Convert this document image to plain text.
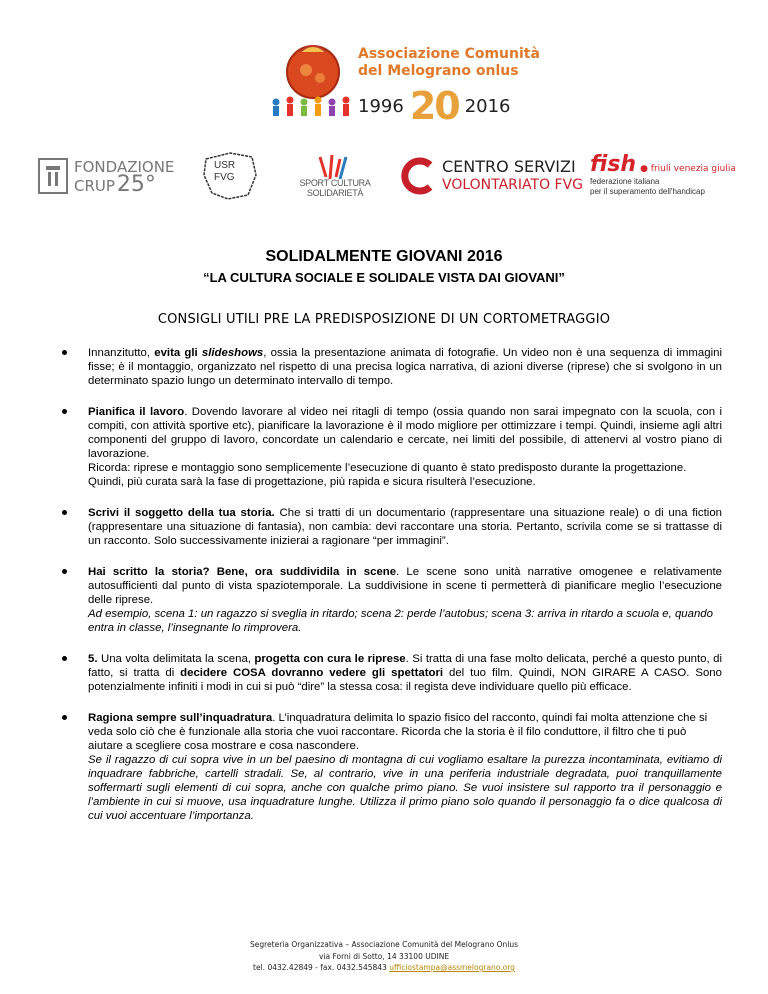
Associazione Comunità
del Melograno onlus
1996 20 2016
FONDAZIONE
CRUP 25°
USR
FVG	SPORT CULTURA SOLIDARIETÀ
CENTRO SERVIZI
VOLONTARIATO FVG
fish ● friuli venezia giulia
federazione italiana
per il superamento dell'handicap
SOLIDALMENTE GIOVANI 2016
“LA CULTURA SOCIALE E SOLIDALE VISTA DAI GIOVANI”
CONSIGLI UTILI PRE LA PREDISPOSIZIONE DI UN CORTOMETRAGGIO

Innanzitutto, evita gli slideshows, ossia la presentazione animata di fotografie. Un video non è una sequenza di immagini fisse; è il montaggio, organizzato nel rispetto di una precisa logica narrativa, di azioni diverse (riprese) che si svolgono in un determinato spazio lungo un determinato intervallo di tempo.

Pianifica il lavoro. Dovendo lavorare al video nei ritagli di tempo (ossia quando non sarai impegnato con la scuola, con i compiti, con attività sportive etc), pianificare la lavorazione è il modo migliore per ottimizzare i tempi. Quindi, insieme agli altri componenti del gruppo di lavoro, concordate un calendario e cercate, nei limiti del possibile, di attenervi al vostro piano di lavorazione.

Ricorda: riprese e montaggio sono semplicemente l’esecuzione di quanto è stato predisposto durante la progettazione. Quindi, più curata sarà la fase di progettazione, più rapida e sicura risulterà l’esecuzione.

Scrivi il soggetto della tua storia. Che si tratti di un documentario (rappresentare una situazione reale) o di una fiction (rappresentare una situazione di fantasia), non cambia: devi raccontare una storia. Pertanto, scrivila come se si trattasse di un racconto. Solo successivamente inizierai a ragionare “per immagini”.

Hai scritto la storia? Bene, ora suddividila in scene. Le scene sono unità narrative omogenee e relativamente autosufficienti dal punto di vista spaziotemporale. La suddivisione in scene ti permetterà di pianificare meglio l’esecuzione delle riprese.

Ad esempio, scena 1: un ragazzo si sveglia in ritardo; scena 2: perde l’autobus; scena 3: arriva in ritardo a scuola e, quando entra in classe, l’insegnante lo rimprovera.

5. Una volta delimitata la scena, progetta con cura le riprese. Si tratta di una fase molto delicata, perché a questo punto, di fatto, si tratta di decidere COSA dovranno vedere gli spettatori del tuo film. Quindi, NON GIRARE A CASO. Sono potenzialmente infiniti i modi in cui si può “dire” la stessa cosa: il regista deve individuare quello più efficace.

Ragiona sempre sull’inquadratura. L’inquadratura delimita lo spazio fisico del racconto, quindi fai molta attenzione che si veda solo ciò che è funzionale alla storia che vuoi raccontare. Ricorda che la storia è il filo conduttore, il filtro che ti può aiutare a scegliere cosa mostrare e cosa nascondere.

Se il ragazzo di cui sopra vive in un bel paesino di montagna di cui vogliamo esaltare la purezza incontaminata, evitiamo di inquadrare fabbriche, cartelli stradali. Se, al contrario, vive in una periferia industriale degradata, puoi tranquillamente soffermarti sugli elementi di cui sopra, anche con qualche primo piano. Se vuoi insistere sul rapporto tra il personaggio e l’ambiente in cui si muove, usa inquadrature lunghe. Utilizza il primo piano solo quando il personaggio fa o dice qualcosa di cui vuoi accentuare l’importanza.

Segreteria Organizzativa – Associazione Comunità del Melograno Onlus
via Forni di Sotto, 14 33100 UDINE
tel. 0432.42849 - fax. 0432.545843 ufficiostampa@assmelograno.org
